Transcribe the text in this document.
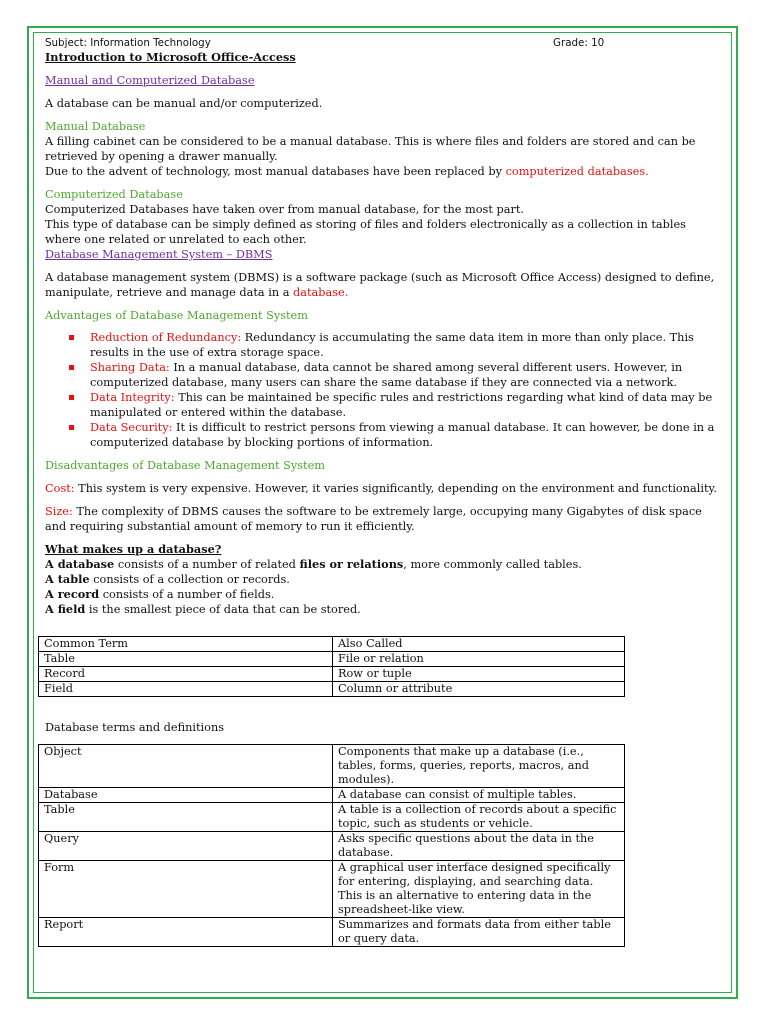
Subject: Information Technology	Grade: 10
Introduction to Microsoft Office-Access

Manual and Computerized Database

A database can be manual and/or computerized.

Manual Database

A filling cabinet can be considered to be a manual database. This is where files and folders are stored and can be retrieved by opening a drawer manually.

Due to the advent of technology, most manual databases have been replaced by computerized databases.

Computerized Database

Computerized Databases have taken over from manual database, for the most part.

This type of database can be simply defined as storing of files and folders electronically as a collection in tables where one related or unrelated to each other.

Database Management System – DBMS

A database management system (DBMS) is a software package (such as Microsoft Office Access) designed to define, manipulate, retrieve and manage data in a database.

Advantages of Database Management System

Reduction of Redundancy: Redundancy is accumulating the same data item in more than only place. This results in the use of extra storage space.
Sharing Data: In a manual database, data cannot be shared among several different users. However, in computerized database, many users can share the same database if they are connected via a network.
Data Integrity: This can be maintained be specific rules and restrictions regarding what kind of data may be manipulated or entered within the database.
Data Security: It is difficult to restrict persons from viewing a manual database. It can however, be done in a computerized database by blocking portions of information.

Disadvantages of Database Management System

Cost: This system is very expensive. However, it varies significantly, depending on the environment and functionality.

Size: The complexity of DBMS causes the software to be extremely large, occupying many Gigabytes of disk space and requiring substantial amount of memory to run it efficiently.

What makes up a database?

A database consists of a number of related files or relations, more commonly called tables.

A table consists of a collection or records.

A record consists of a number of fields.

A field is the smallest piece of data that can be stored.

Common Term	Also Called
Table	File or relation
Record	Row or tuple
Field	Column or attribute

Database terms and definitions

Object	Components that make up a database (i.e., tables, forms, queries, reports, macros, and modules).
Database	A database can consist of multiple tables.
Table	A table is a collection of records about a specific topic, such as students or vehicle.
Query	Asks specific questions about the data in the database.
Form	A graphical user interface designed specifically for entering, displaying, and searching data. This is an alternative to entering data in the spreadsheet-like view.
Report	Summarizes and formats data from either table or query data.
